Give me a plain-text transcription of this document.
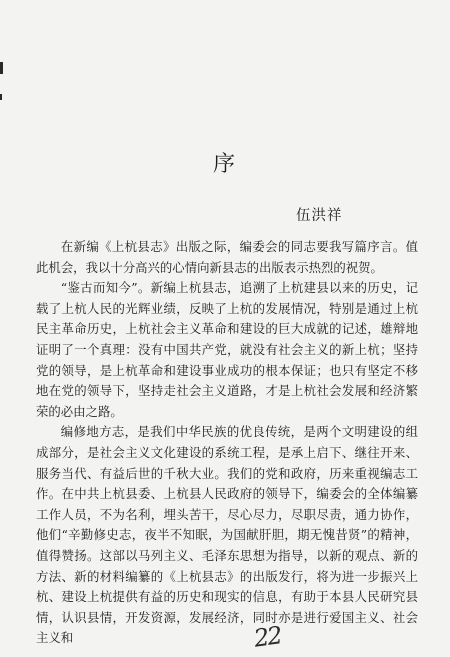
序

伍洪祥

在新编《上杭县志》出版之际，编委会的同志要我写篇序言。值此机会，我以十分高兴的心情向新县志的出版表示热烈的祝贺。

“鉴古而知今”。新编上杭县志，追溯了上杭建县以来的历史，记载了上杭人民的光辉业绩，反映了上杭的发展情况，特别是通过上杭民主革命历史，上杭社会主义革命和建设的巨大成就的记述，雄辩地证明了一个真理：没有中国共产党，就没有社会主义的新上杭；坚持党的领导，是上杭革命和建设事业成功的根本保证；也只有坚定不移地在党的领导下，坚持走社会主义道路，才是上杭社会发展和经济繁荣的必由之路。

编修地方志，是我们中华民族的优良传统，是两个文明建设的组成部分，是社会主义文化建设的系统工程，是承上启下、继往开来、服务当代、有益后世的千秋大业。我们的党和政府，历来重视编志工作。在中共上杭县委、上杭县人民政府的领导下，编委会的全体编纂工作人员，不为名利，埋头苦干，尽心尽力，尽职尽责，通力协作，他们“辛勤修史志，夜半不知眠，为国献肝胆，期无愧昔贤”的精神，值得赞扬。这部以马列主义、毛泽东思想为指导，以新的观点、新的方法、新的材料编纂的《上杭县志》的出版发行，将为进一步振兴上杭、建设上杭提供有益的历史和现实的信息，有助于本县人民研究县情，认识县情，开发资源，发展经济，同时亦是进行爱国主义、社会主义和	22
